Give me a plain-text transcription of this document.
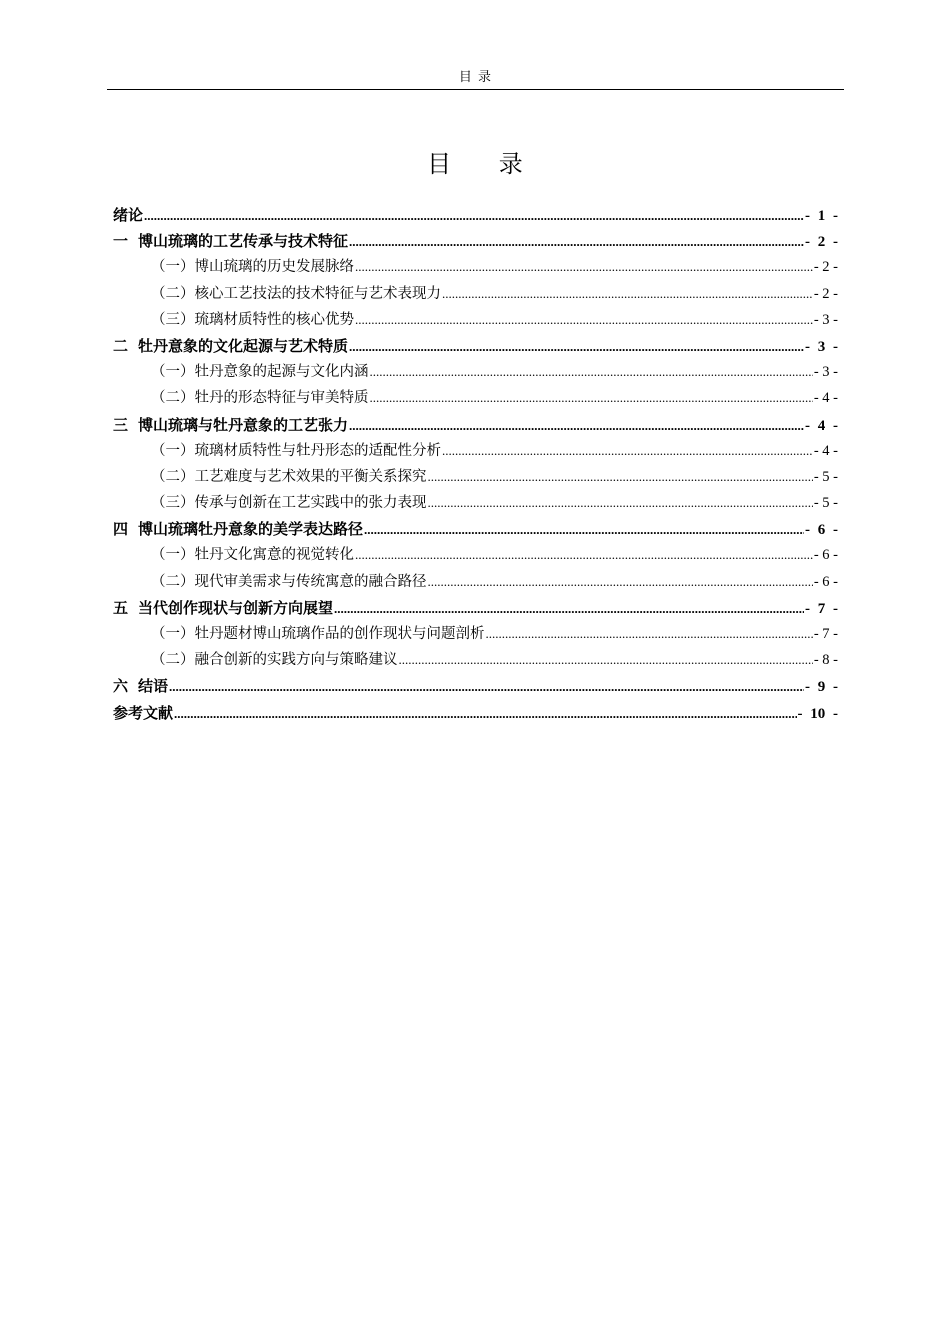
目 录
目 录
绪论 .....	- 1 -
一 博山琉璃的工艺传承与技术特征 .....	- 2 -
（一）博山琉璃的历史发展脉络 .....	- 2 -
（二）核心工艺技法的技术特征与艺术表现力 .....	- 2 -
（三）琉璃材质特性的核心优势 .....	- 3 -
二 牡丹意象的文化起源与艺术特质 .....	- 3 -
（一）牡丹意象的起源与文化内涵 .....	- 3 -
（二）牡丹的形态特征与审美特质 .....	- 4 -
三 博山琉璃与牡丹意象的工艺张力 .....	- 4 -
（一）琉璃材质特性与牡丹形态的适配性分析 .....	- 4 -
（二）工艺难度与艺术效果的平衡关系探究 .....	- 5 -
（三）传承与创新在工艺实践中的张力表现 .....	- 5 -
四 博山琉璃牡丹意象的美学表达路径 .....	- 6 -
（一）牡丹文化寓意的视觉转化 .....	- 6 -
（二）现代审美需求与传统寓意的融合路径 .....	- 6 -
五 当代创作现状与创新方向展望 .....	- 7 -
（一）牡丹题材博山琉璃作品的创作现状与问题剖析 .....	- 7 -
（二）融合创新的实践方向与策略建议 .....	- 8 -
六 结语 .....	- 9 -
参考文献 .....	- 10 -
